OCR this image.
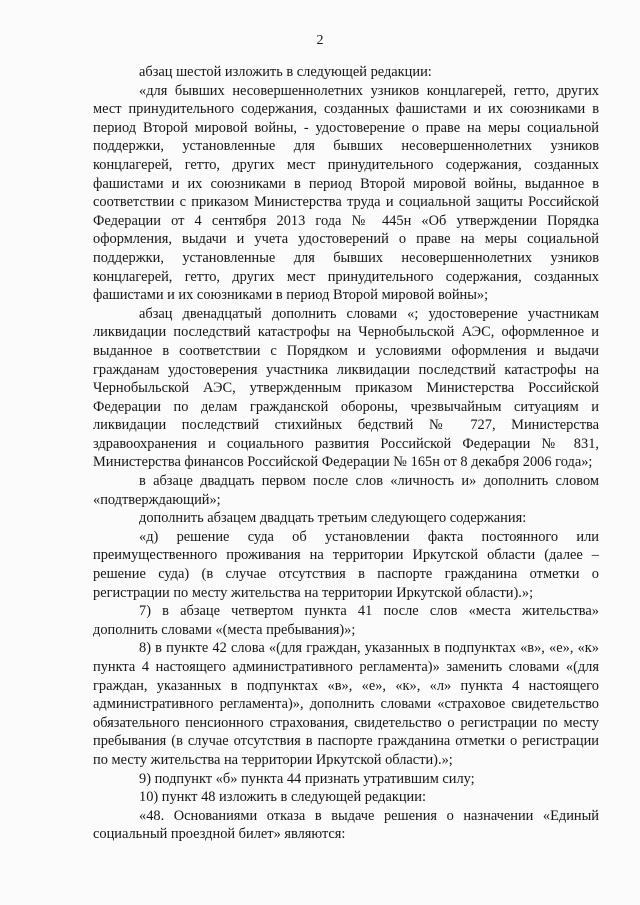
2

абзац шестой изложить в следующей редакции:

«для бывших несовершеннолетних узников концлагерей, гетто, других мест принудительного содержания, созданных фашистами и их союзниками в период Второй мировой войны, - удостоверение о праве на меры социальной поддержки, установленные для бывших несовершеннолетних узников концлагерей, гетто, других мест принудительного содержания, созданных фашистами и их союзниками в период Второй мировой войны, выданное в соответствии с приказом Министерства труда и социальной защиты Российской Федерации от 4 сентября 2013 года № 445н «Об утверждении Порядка оформления, выдачи и учета удостоверений о праве на меры социальной поддержки, установленные для бывших несовершеннолетних узников концлагерей, гетто, других мест принудительного содержания, созданных фашистами и их союзниками в период Второй мировой войны»;

абзац двенадцатый дополнить словами «; удостоверение участникам ликвидации последствий катастрофы на Чернобыльской АЭС, оформленное и выданное в соответствии с Порядком и условиями оформления и выдачи гражданам удостоверения участника ликвидации последствий катастрофы на Чернобыльской АЭС, утвержденным приказом Министерства Российской Федерации по делам гражданской обороны, чрезвычайным ситуациям и ликвидации последствий стихийных бедствий № 727, Министерства здравоохранения и социального развития Российской Федерации № 831, Министерства финансов Российской Федерации № 165н от 8 декабря 2006 года»;

в абзаце двадцать первом после слов «личность и» дополнить словом «подтверждающий»;

дополнить абзацем двадцать третьим следующего содержания:

«д) решение суда об установлении факта постоянного или преимущественного проживания на территории Иркутской области (далее – решение суда) (в случае отсутствия в паспорте гражданина отметки о регистрации по месту жительства на территории Иркутской области).»;

7) в абзаце четвертом пункта 41 после слов «места жительства» дополнить словами «(места пребывания)»;

8) в пункте 42 слова «(для граждан, указанных в подпунктах «в», «е», «к» пункта 4 настоящего административного регламента)» заменить словами «(для граждан, указанных в подпунктах «в», «е», «к», «л» пункта 4 настоящего административного регламента)», дополнить словами «страховое свидетельство обязательного пенсионного страхования, свидетельство о регистрации по месту пребывания (в случае отсутствия в паспорте гражданина отметки о регистрации по месту жительства на территории Иркутской области).»;

9) подпункт «б» пункта 44 признать утратившим силу;

10) пункт 48 изложить в следующей редакции:

«48. Основаниями отказа в выдаче решения о назначении «Единый социальный проездной билет» являются:
